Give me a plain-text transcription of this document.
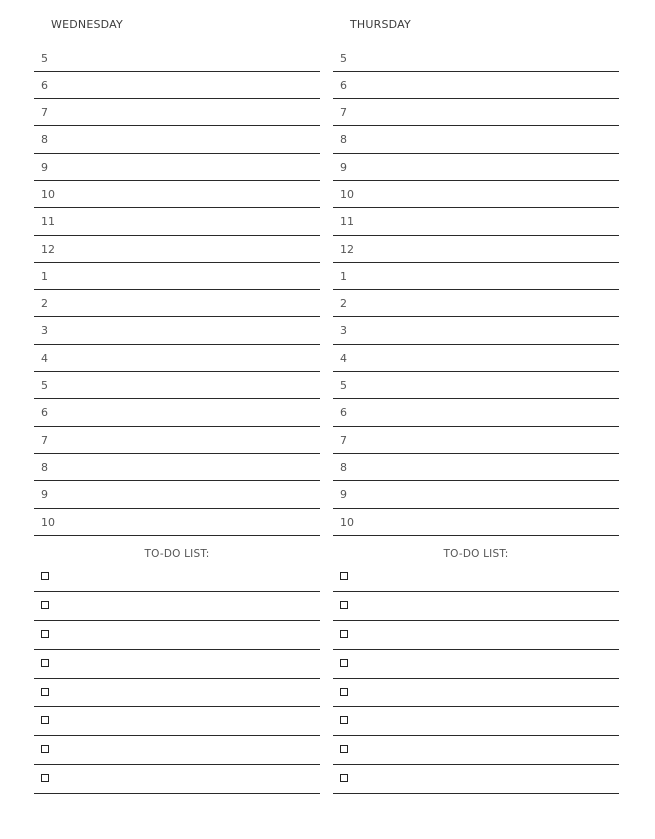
WEDNESDAY
5
6
7
8
9
10
11
12
1
2
3
4
5
6
7
8
9
10
TO-DO LIST:
THURSDAY
5
6
7
8
9
10
11
12
1
2
3
4
5
6
7
8
9
10
TO-DO LIST:
